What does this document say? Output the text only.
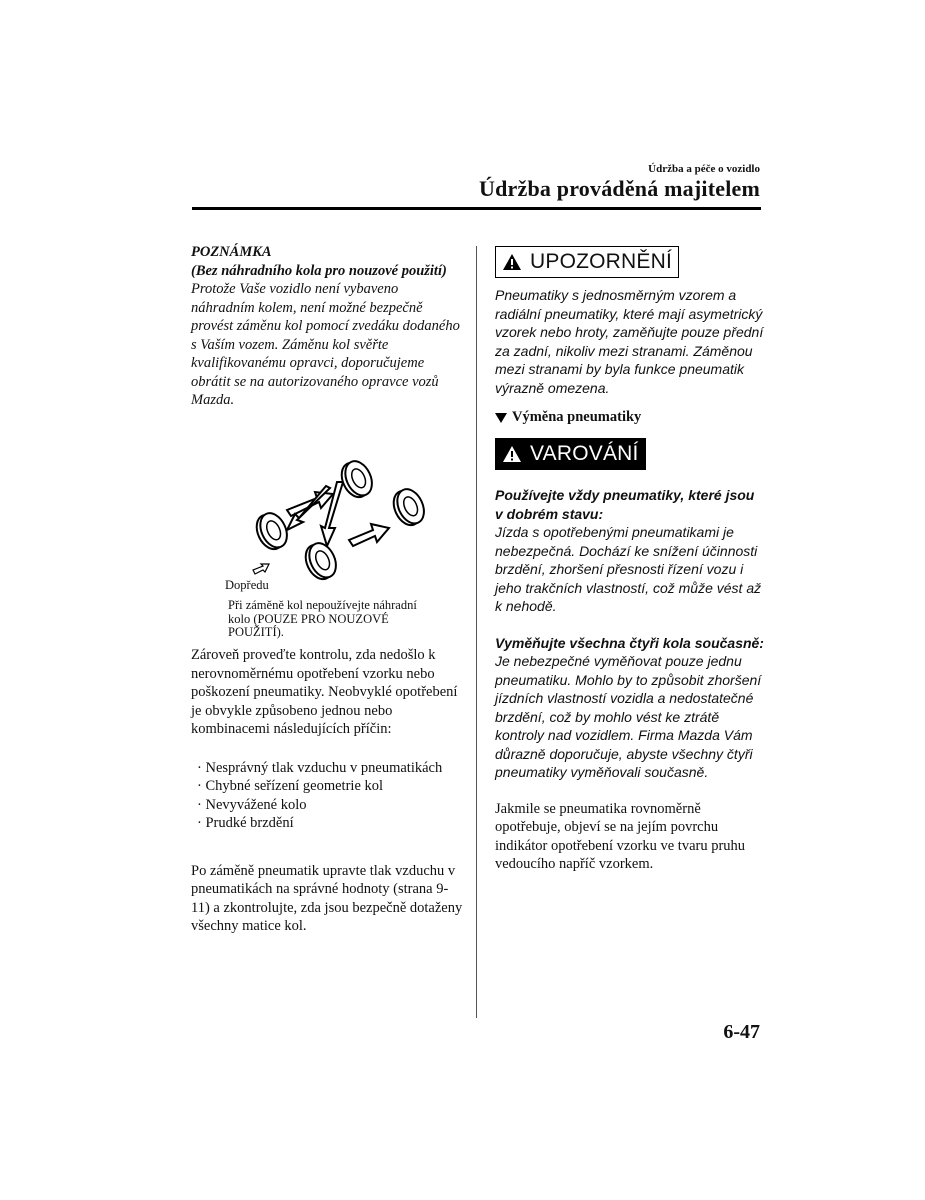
Údržba a péče o vozidlo
Údržba prováděná majitelem
POZNÁMKA
(Bez náhradního kola pro nouzové použití)
Protože Vaše vozidlo není vybaveno náhradním kolem, není možné bezpečně provést záměnu kol pomocí zvedáku dodaného s Vaším vozem. Záměnu kol svěřte kvalifikovanému opravci, doporučujeme obrátit se na autorizovaného opravce vozů Mazda.
Dopředu
Při záměně kol nepoužívejte náhradní kolo (POUZE PRO NOUZOVÉ POUŽITÍ).

Zároveň proveďte kontrolu, zda nedošlo k nerovnoměrnému opotřebení vzorku nebo poškození pneumatiky. Neobvyklé opotřebení je obvykle způsobeno jednou nebo kombinacemi následujících příčin:

· Nesprávný tlak vzduchu v pneumatikách
· Chybné seřízení geometrie kol
· Nevyvážené kolo
· Prudké brzdění

Po záměně pneumatik upravte tlak vzduchu v pneumatikách na správné hodnoty (strana 9-11) a zkontrolujte, zda jsou bezpečně dotaženy všechny matice kol.

UPOZORNĚNÍ
Pneumatiky s jednosměrným vzorem a radiální pneumatiky, které mají asymetrický vzorek nebo hroty, zaměňujte pouze přední za zadní, nikoliv mezi stranami. Záměnou mezi stranami by byla funkce pneumatik výrazně omezena.
Výměna pneumatiky
VAROVÁNÍ
Používejte vždy pneumatiky, které jsou v dobrém stavu:
Jízda s opotřebenými pneumatikami je nebezpečná. Dochází ke snížení účinnosti brzdění, zhoršení přesnosti řízení vozu i jeho trakčních vlastností, což může vést až k nehodě.
Vyměňujte všechna čtyři kola současně:
Je nebezpečné vyměňovat pouze jednu pneumatiku. Mohlo by to způsobit zhoršení jízdních vlastností vozidla a nedostatečné brzdění, což by mohlo vést ke ztrátě kontroly nad vozidlem. Firma Mazda Vám důrazně doporučuje, abyste všechny čtyři pneumatiky vyměňovali současně.
Jakmile se pneumatika rovnoměrně opotřebuje, objeví se na jejím povrchu indikátor opotřebení vzorku ve tvaru pruhu vedoucího napříč vzorkem.
6-47
